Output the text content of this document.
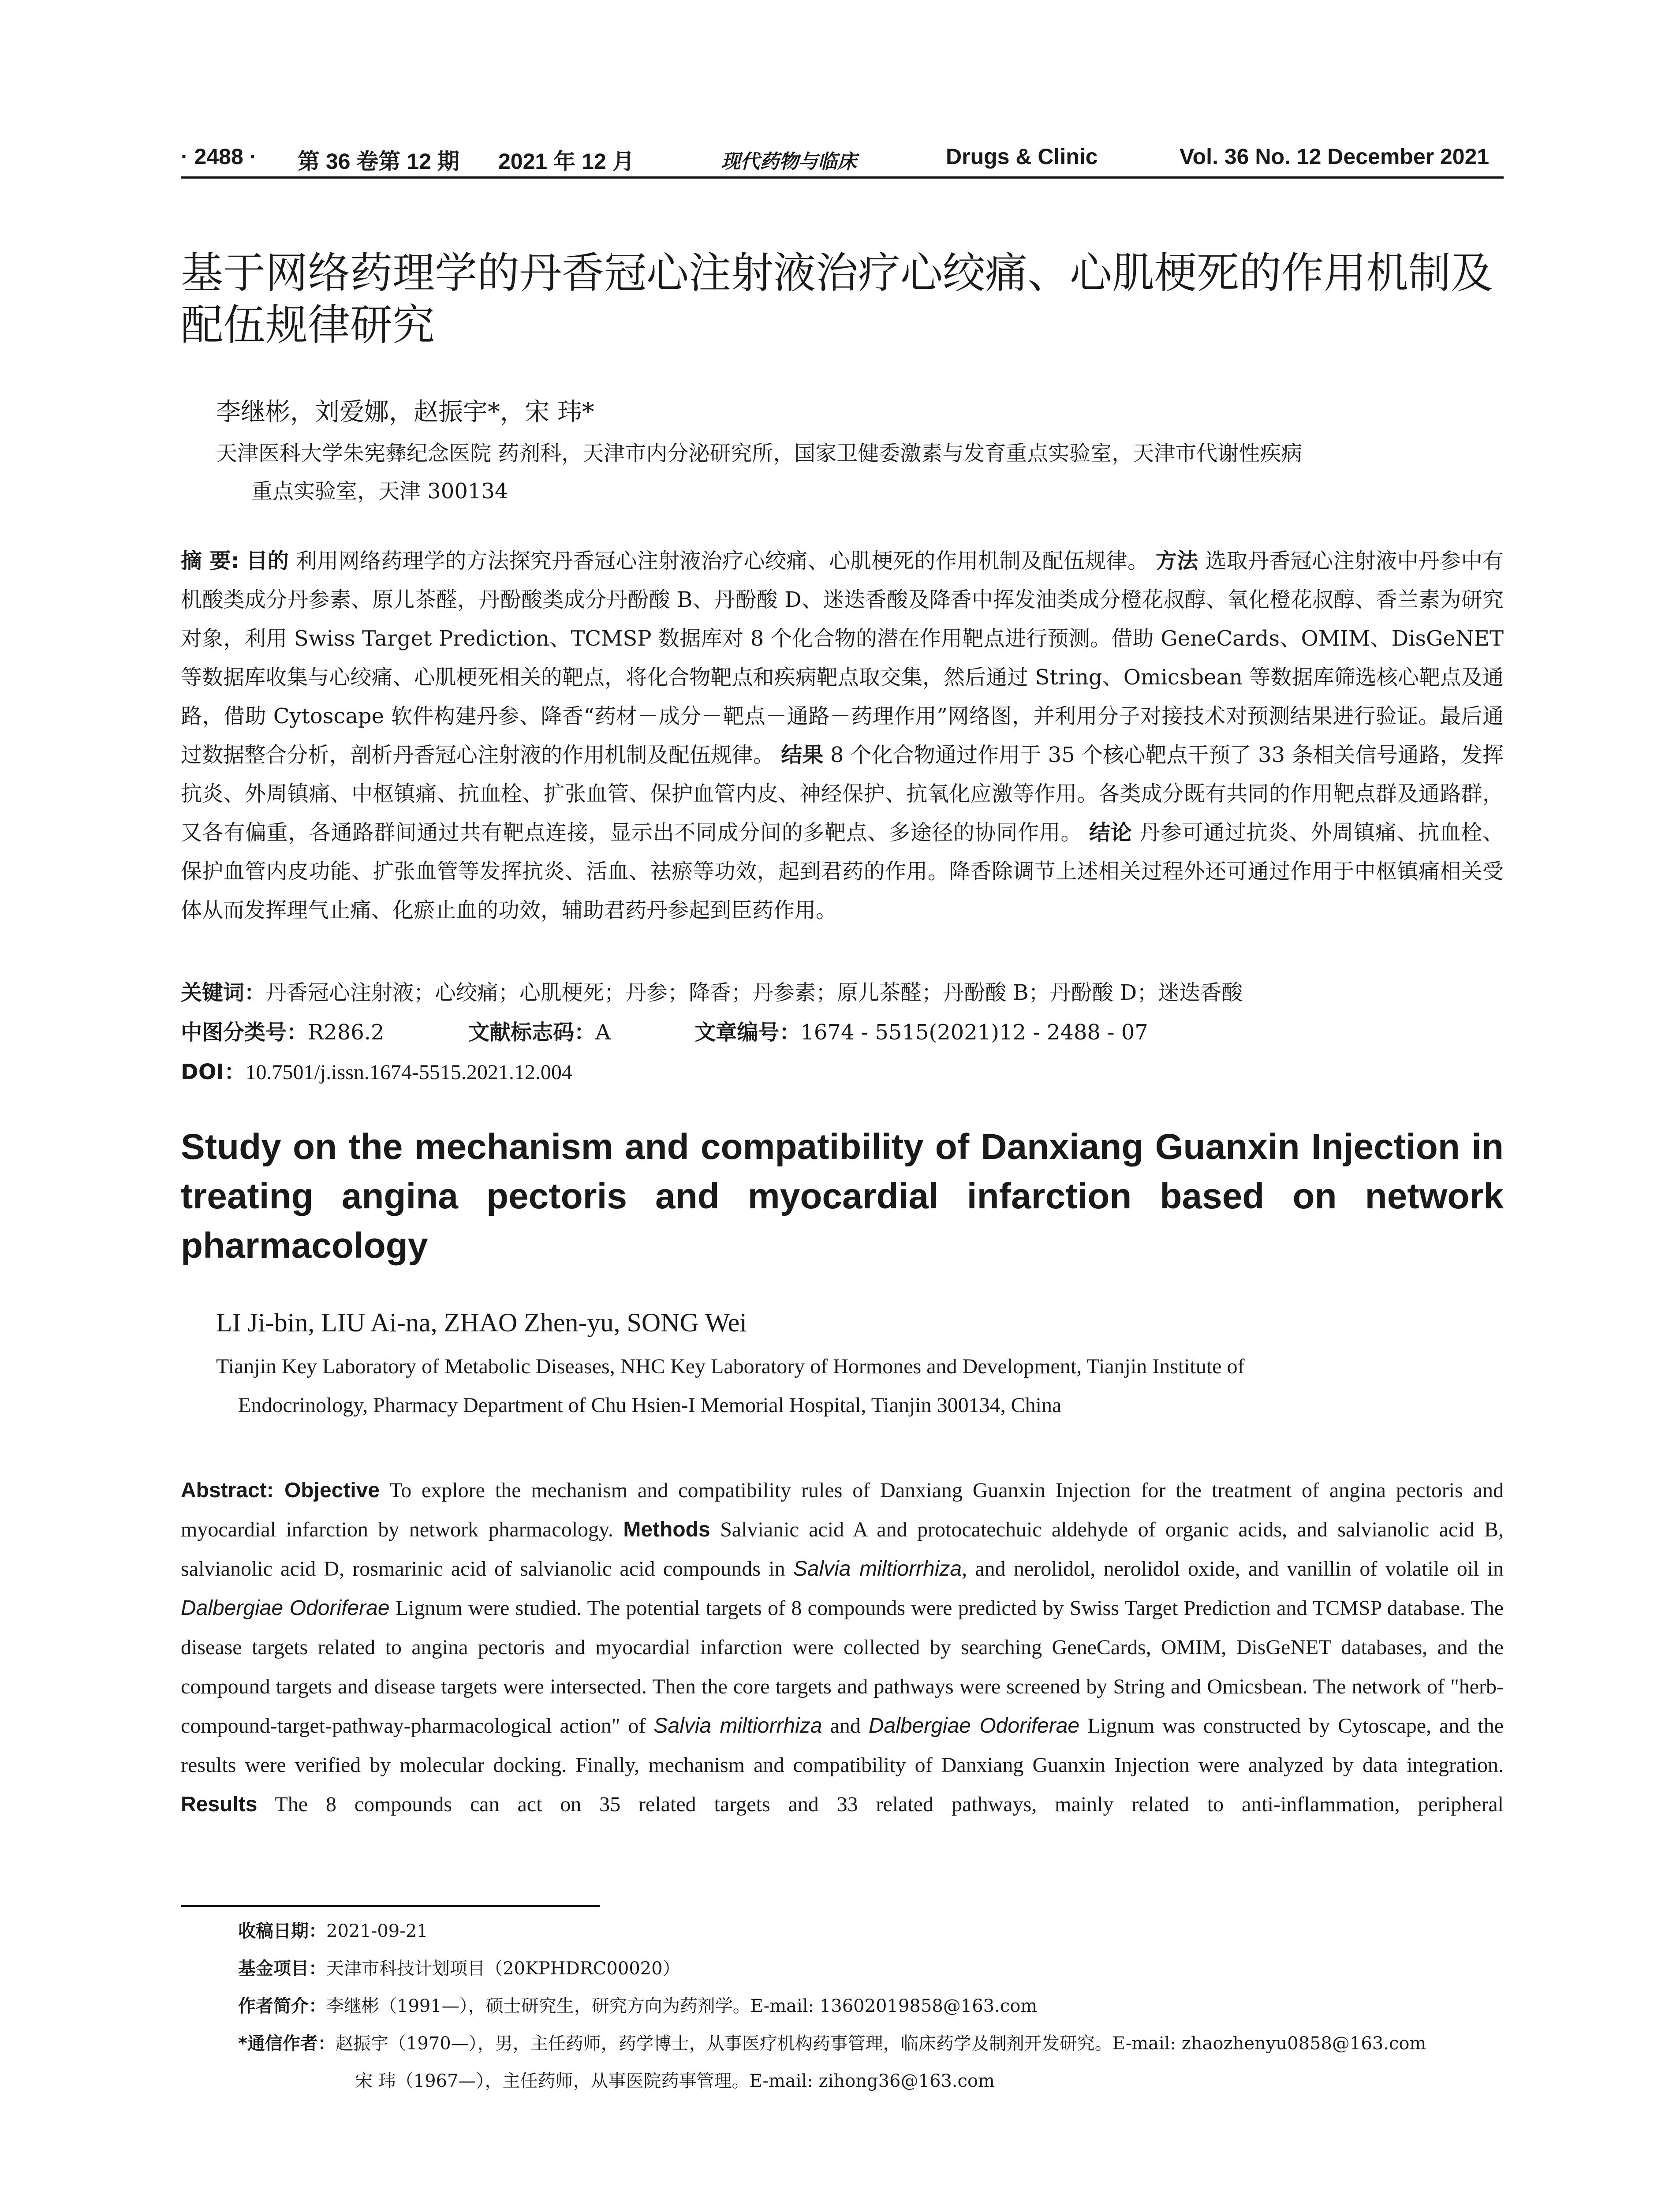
· 2488 · 第 36 卷第 12 期 2021 年 12 月	现代药物与临床	Drugs & Clinic	Vol. 36 No. 12 December 2021
基于网络药理学的丹香冠心注射液治疗心绞痛、心肌梗死的作用机制及
配伍规律研究
李继彬，刘爱娜，赵振宇*，宋 玮*
天津医科大学朱宪彝纪念医院 药剂科，天津市内分泌研究所，国家卫健委激素与发育重点实验室，天津市代谢性疾病
重点实验室，天津 300134
摘 要: 目的 利用网络药理学的方法探究丹香冠心注射液治疗心绞痛、心肌梗死的作用机制及配伍规律。 方法 选取丹香冠心注射液中丹参中有机酸类成分丹参素、原儿茶醛，丹酚酸类成分丹酚酸 B、丹酚酸 D、迷迭香酸及降香中挥发油类成分橙花叔醇、氧化橙花叔醇、香兰素为研究对象，利用 Swiss Target Prediction、TCMSP 数据库对 8 个化合物的潜在作用靶点进行预测。借助 GeneCards、OMIM、DisGeNET 等数据库收集与心绞痛、心肌梗死相关的靶点，将化合物靶点和疾病靶点取交集，然后通过 String、Omicsbean 等数据库筛选核心靶点及通路，借助 Cytoscape 软件构建丹参、降香“药材－成分－靶点－通路－药理作用”网络图，并利用分子对接技术对预测结果进行验证。最后通过数据整合分析，剖析丹香冠心注射液的作用机制及配伍规律。 结果 8 个化合物通过作用于 35 个核心靶点干预了 33 条相关信号通路，发挥抗炎、外周镇痛、中枢镇痛、抗血栓、扩张血管、保护血管内皮、神经保护、抗氧化应激等作用。各类成分既有共同的作用靶点群及通路群，又各有偏重，各通路群间通过共有靶点连接，显示出不同成分间的多靶点、多途径的协同作用。 结论 丹参可通过抗炎、外周镇痛、抗血栓、保护血管内皮功能、扩张血管等发挥抗炎、活血、祛瘀等功效，起到君药的作用。降香除调节上述相关过程外还可通过作用于中枢镇痛相关受体从而发挥理气止痛、化瘀止血的功效，辅助君药丹参起到臣药作用。
关键词：丹香冠心注射液；心绞痛；心肌梗死；丹参；降香；丹参素；原儿茶醛；丹酚酸 B；丹酚酸 D；迷迭香酸
中图分类号：R286.2	文献标志码：A	文章编号：1674 - 5515(2021)12 - 2488 - 07
DOI：10.7501/j.issn.1674-5515.2021.12.004
Study on the mechanism and compatibility of Danxiang Guanxin Injection in treating angina pectoris and myocardial infarction based on network pharmacology
LI Ji-bin, LIU Ai-na, ZHAO Zhen-yu, SONG Wei
Tianjin Key Laboratory of Metabolic Diseases, NHC Key Laboratory of Hormones and Development, Tianjin Institute of
Endocrinology, Pharmacy Department of Chu Hsien-I Memorial Hospital, Tianjin 300134, China
Abstract: Objective To explore the mechanism and compatibility rules of Danxiang Guanxin Injection for the treatment of angina pectoris and myocardial infarction by network pharmacology. Methods Salvianic acid A and protocatechuic aldehyde of organic acids, and salvianolic acid B, salvianolic acid D, rosmarinic acid of salvianolic acid compounds in Salvia miltiorrhiza, and nerolidol, nerolidol oxide, and vanillin of volatile oil in Dalbergiae Odoriferae Lignum were studied. The potential targets of 8 compounds were predicted by Swiss Target Prediction and TCMSP database. The disease targets related to angina pectoris and myocardial infarction were collected by searching GeneCards, OMIM, DisGeNET databases, and the compound targets and disease targets were intersected. Then the core targets and pathways were screened by String and Omicsbean. The network of "herb-compound-target-pathway-pharmacological action" of Salvia miltiorrhiza and Dalbergiae Odoriferae Lignum was constructed by Cytoscape, and the results were verified by molecular docking. Finally, mechanism and compatibility of Danxiang Guanxin Injection were analyzed by data integration. Results The 8 compounds can act on 35 related targets and 33 related pathways, mainly related to anti-inflammation, peripheral
收稿日期：2021-09-21
基金项目：天津市科技计划项目（20KPHDRC00020）
作者简介：李继彬（1991—），硕士研究生，研究方向为药剂学。E-mail: 13602019858@163.com
*通信作者：赵振宇（1970—），男，主任药师，药学博士，从事医疗机构药事管理，临床药学及制剂开发研究。E-mail: zhaozhenyu0858@163.com
宋 玮（1967—），主任药师，从事医院药事管理。E-mail: zihong36@163.com
